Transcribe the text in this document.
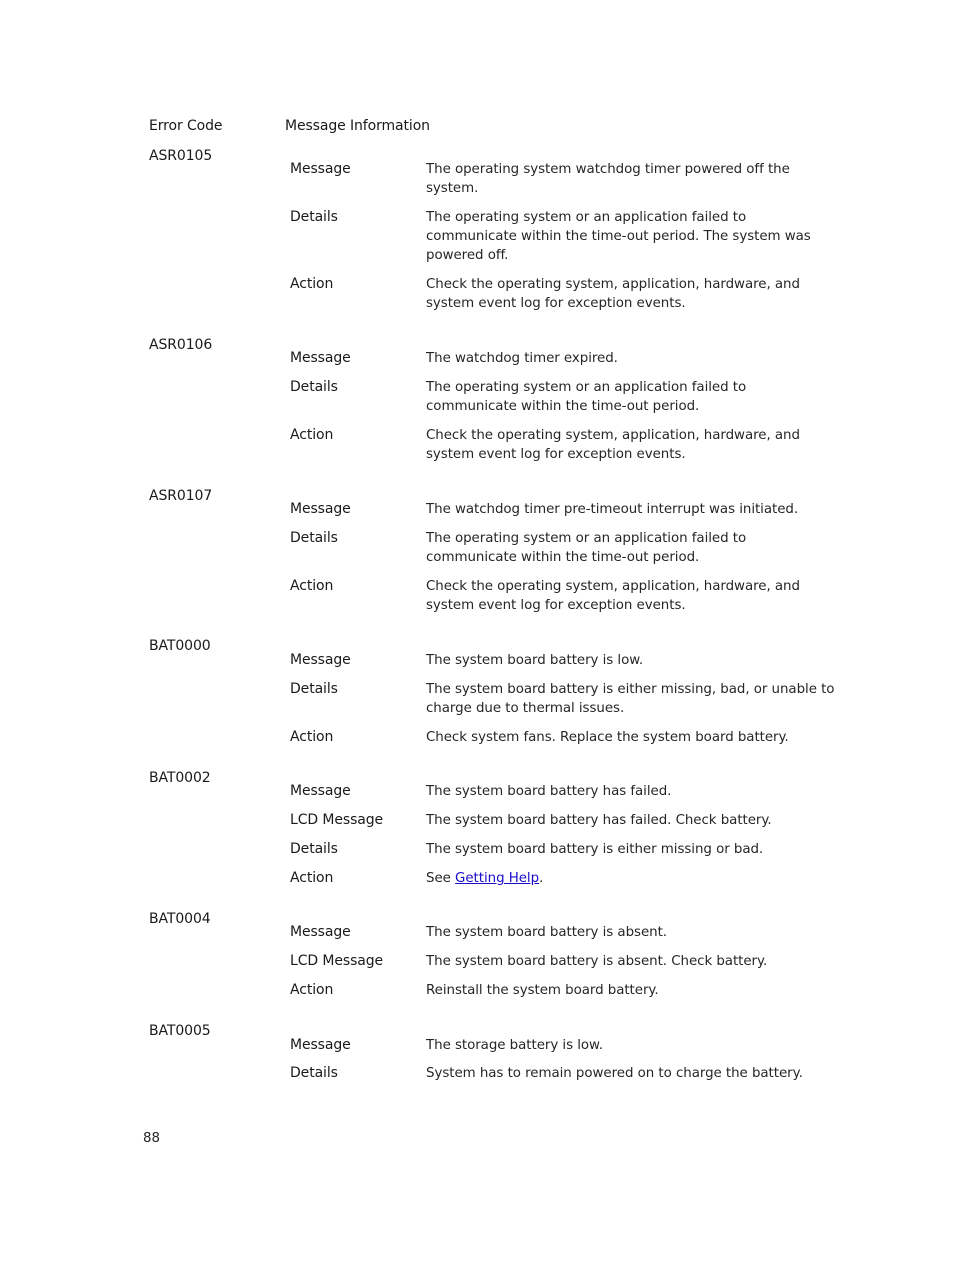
Error Code	Message Information
ASR0105
Message	The operating system watchdog timer powered off the system.
Details	The operating system or an application failed to communicate within the time-out period. The system was powered off.
Action	Check the operating system, application, hardware, and system event log for exception events.
ASR0106
Message	The watchdog timer expired.
Details	The operating system or an application failed to communicate within the time-out period.
Action	Check the operating system, application, hardware, and system event log for exception events.
ASR0107
Message	The watchdog timer pre-timeout interrupt was initiated.
Details	The operating system or an application failed to communicate within the time-out period.
Action	Check the operating system, application, hardware, and system event log for exception events.
BAT0000
Message	The system board battery is low.
Details	The system board battery is either missing, bad, or unable to charge due to thermal issues.
Action	Check system fans. Replace the system board battery.
BAT0002
Message	The system board battery has failed.
LCD Message	The system board battery has failed. Check battery.
Details	The system board battery is either missing or bad.
Action	See Getting Help.
BAT0004
Message	The system board battery is absent.
LCD Message	The system board battery is absent. Check battery.
Action	Reinstall the system board battery.
BAT0005
Message	The storage battery is low.
Details	System has to remain powered on to charge the battery.
88
